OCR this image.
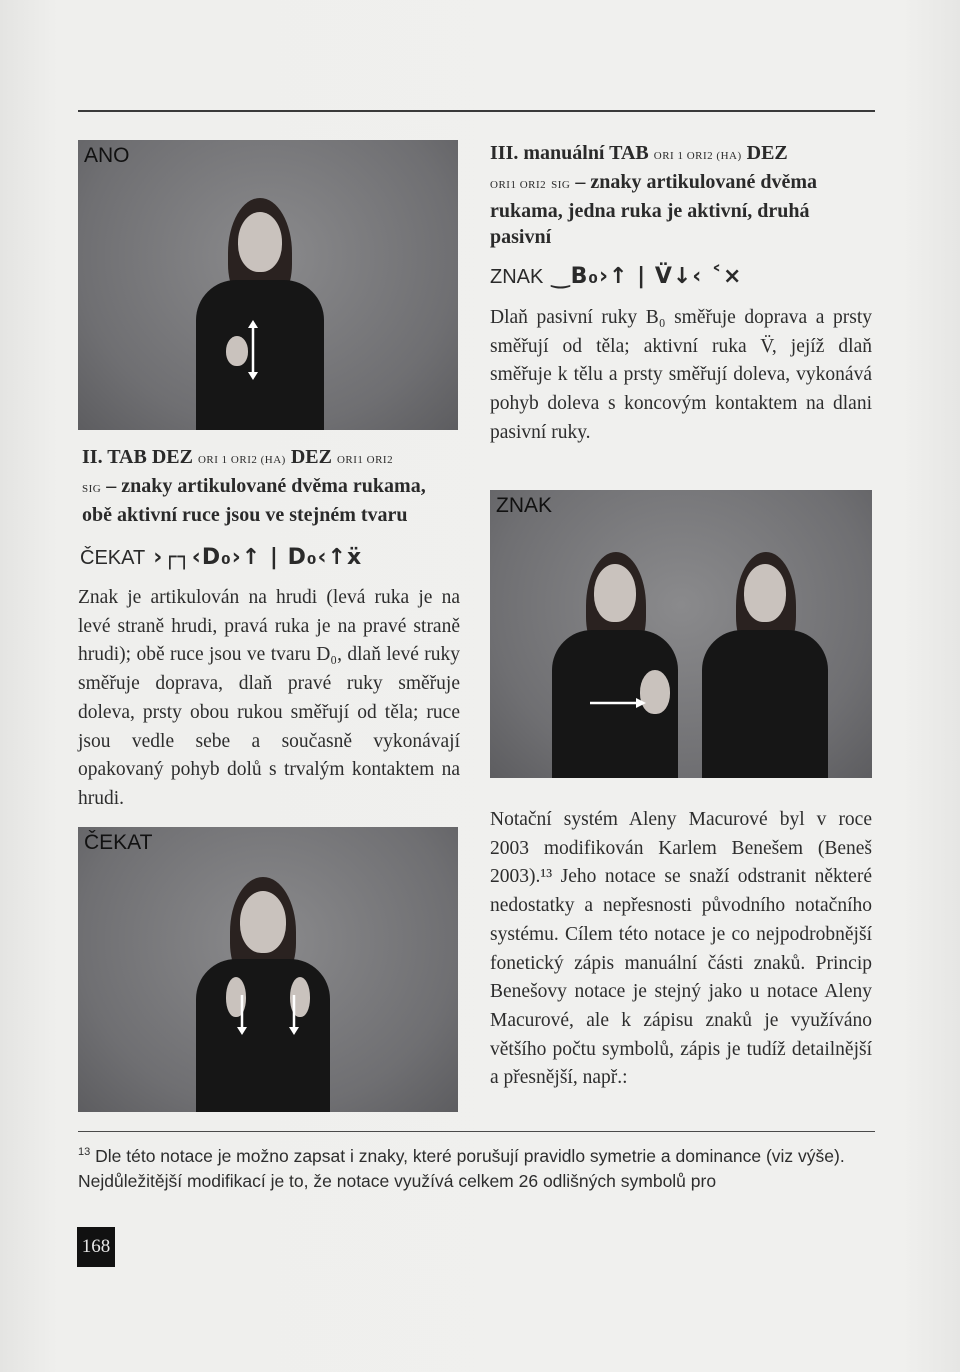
ANO
II. TAB DEZ ORI 1 ORI2 (HA) DEZ ORI1 ORI2
SIG – znaky artikulované dvěma rukama,
obě aktivní ruce jsou ve stejném tvaru
ČEKAT ›┌┐‹D₀›↑ | D₀‹↑ẍ
Znak je artikulován na hrudi (levá ruka je na levé straně hrudi, pravá ruka je na pravé straně hrudi); obě ruce jsou ve tvaru D₀, dlaň levé ruky směřuje doprava, dlaň pravé ruky směřuje doleva, prsty obou rukou směřují od těla; ruce jsou vedle sebe a současně vykonávají opakovaný pohyb dolů s trvalým kontaktem na hrudi.
ČEKAT
III. manuální TAB ORI 1 ORI2 (HA) DEZ
ORI1 ORI2 SIG – znaky artikulované dvěma
rukama, jedna ruka je aktivní, druhá
pasivní
ZNAK ‿B₀›↑ | V̈↓‹ ˂×
Dlaň pasivní ruky B₀ směřuje doprava a prsty směřují od těla; aktivní ruka V̈, jejíž dlaň směřuje k tělu a prsty směřují doleva, vykonává pohyb doleva s koncovým kontaktem na dlani pasivní ruky.
ZNAK
Notační systém Aleny Macurové byl v roce 2003 modifikován Karlem Benešem (Beneš 2003).¹³ Jeho notace se snaží odstranit některé nedostatky a nepřesnosti původního notačního systému. Cílem této notace je co nejpodrobnější fonetický zápis manuální části znaků. Princip Benešovy notace je stejný jako u notace Aleny Macurové, ale k zápisu znaků je využíváno většího počtu symbolů, zápis je tudíž detailnější a přesnější, např.:
$^{13}$ Dle této notace je možno zapsat i znaky, které porušují pravidlo symetrie a dominance (viz výše). Nejdůležitější modifikací je to, že notace využívá celkem 26 odlišných symbolů pro
168
